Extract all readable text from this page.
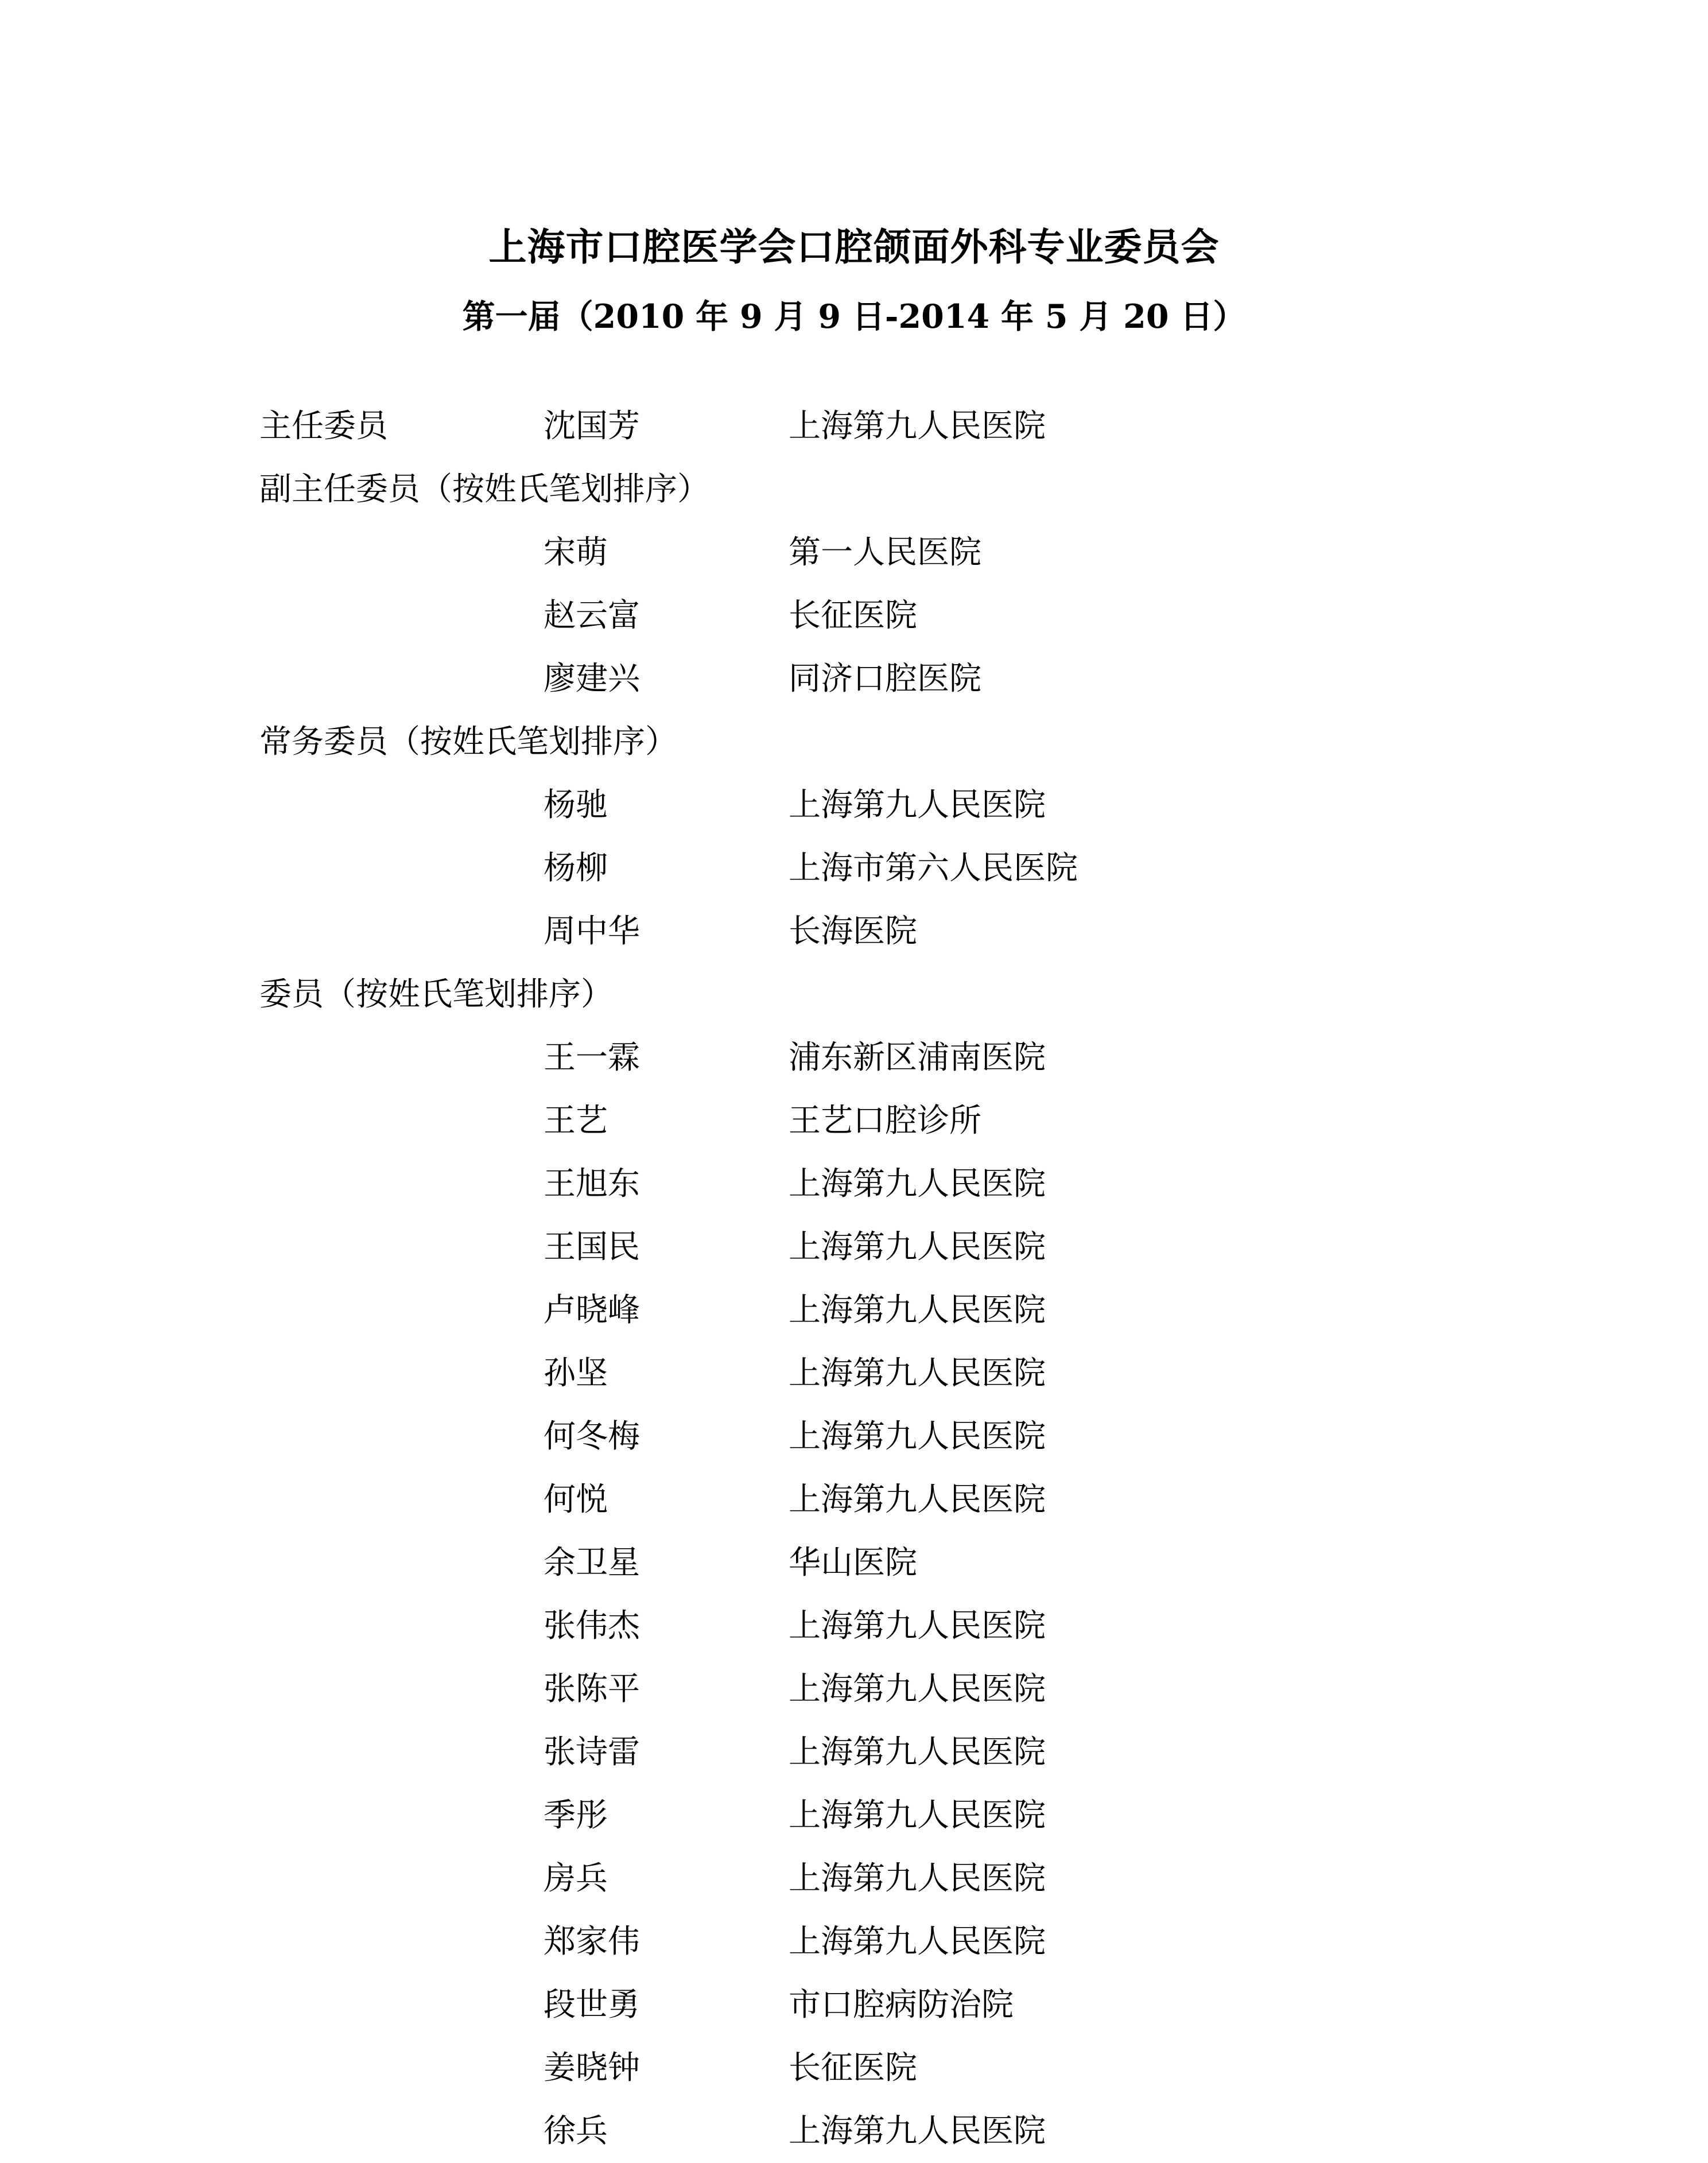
上海市口腔医学会口腔颌面外科专业委员会
第一届（2010 年 9 月 9 日-2014 年 5 月 20 日）
主任委员	沈国芳	上海第九人民医院
副主任委员（按姓氏笔划排序）
宋萌	第一人民医院
赵云富	长征医院
廖建兴	同济口腔医院
常务委员（按姓氏笔划排序）
杨驰	上海第九人民医院
杨柳	上海市第六人民医院
周中华	长海医院
委员（按姓氏笔划排序）
王一霖	浦东新区浦南医院
王艺	王艺口腔诊所
王旭东	上海第九人民医院
王国民	上海第九人民医院
卢晓峰	上海第九人民医院
孙坚	上海第九人民医院
何冬梅	上海第九人民医院
何悦	上海第九人民医院
余卫星	华山医院
张伟杰	上海第九人民医院
张陈平	上海第九人民医院
张诗雷	上海第九人民医院
季彤	上海第九人民医院
房兵	上海第九人民医院
郑家伟	上海第九人民医院
段世勇	市口腔病防治院
姜晓钟	长征医院
徐兵	上海第九人民医院
